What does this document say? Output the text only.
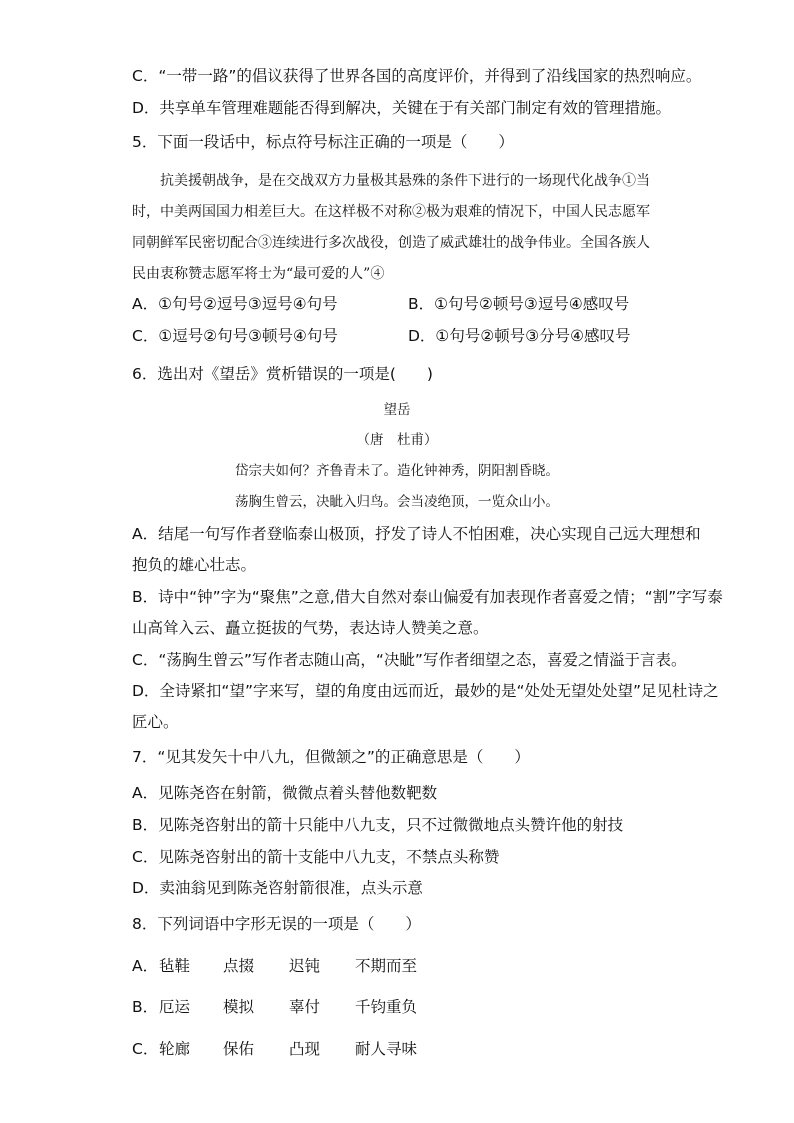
C．“一带一路”的倡议获得了世界各国的高度评价，并得到了沿线国家的热烈响应。
D．共享单车管理难题能否得到解决，关键在于有关部门制定有效的管理措施。
5．下面一段话中，标点符号标注正确的一项是（　　）
抗美援朝战争，是在交战双方力量极其悬殊的条件下进行的一场现代化战争①当
时，中美两国国力相差巨大。在这样极不对称②极为艰难的情况下，中国人民志愿军
同朝鲜军民密切配合③连续进行多次战役，创造了威武雄壮的战争伟业。全国各族人
民由衷称赞志愿军将士为“最可爱的人”④
A．①句号②逗号③逗号④句号	B．①句号②顿号③逗号④感叹号
C．①逗号②句号③顿号④句号	D．①句号②顿号③分号④感叹号
6．选出对《望岳》赏析错误的一项是(　　)
望岳
（唐　杜甫）
岱宗夫如何？齐鲁青未了。造化钟神秀，阴阳割昏晓。
荡胸生曾云，决眦入归鸟。会当凌绝顶，一览众山小。
A．结尾一句写作者登临泰山极顶，抒发了诗人不怕困难，决心实现自己远大理想和
抱负的雄心壮志。
B．诗中“钟”字为“聚焦”之意,借大自然对泰山偏爱有加表现作者喜爱之情；“割”字写泰
山高耸入云、矗立挺拔的气势，表达诗人赞美之意。
C．“荡胸生曾云”写作者志随山高，“决眦”写作者细望之态，喜爱之情溢于言表。
D．全诗紧扣“望”字来写，望的角度由远而近，最妙的是“处处无望处处望”足见杜诗之
匠心。
7．“见其发矢十中八九，但微颔之”的正确意思是（　　）
A．见陈尧咨在射箭，微微点着头替他数靶数
B．见陈尧咨射出的箭十只能中八九支，只不过微微地点头赞许他的射技
C．见陈尧咨射出的箭十支能中八九支，不禁点头称赞
D．卖油翁见到陈尧咨射箭很准，点头示意
8．下列词语中字形无误的一项是（　　）
A． 毡鞋 点掇 迟钝 不期而至
B． 厄运 模拟 辜付 千钧重负
C． 轮廊 保佑 凸现 耐人寻味
